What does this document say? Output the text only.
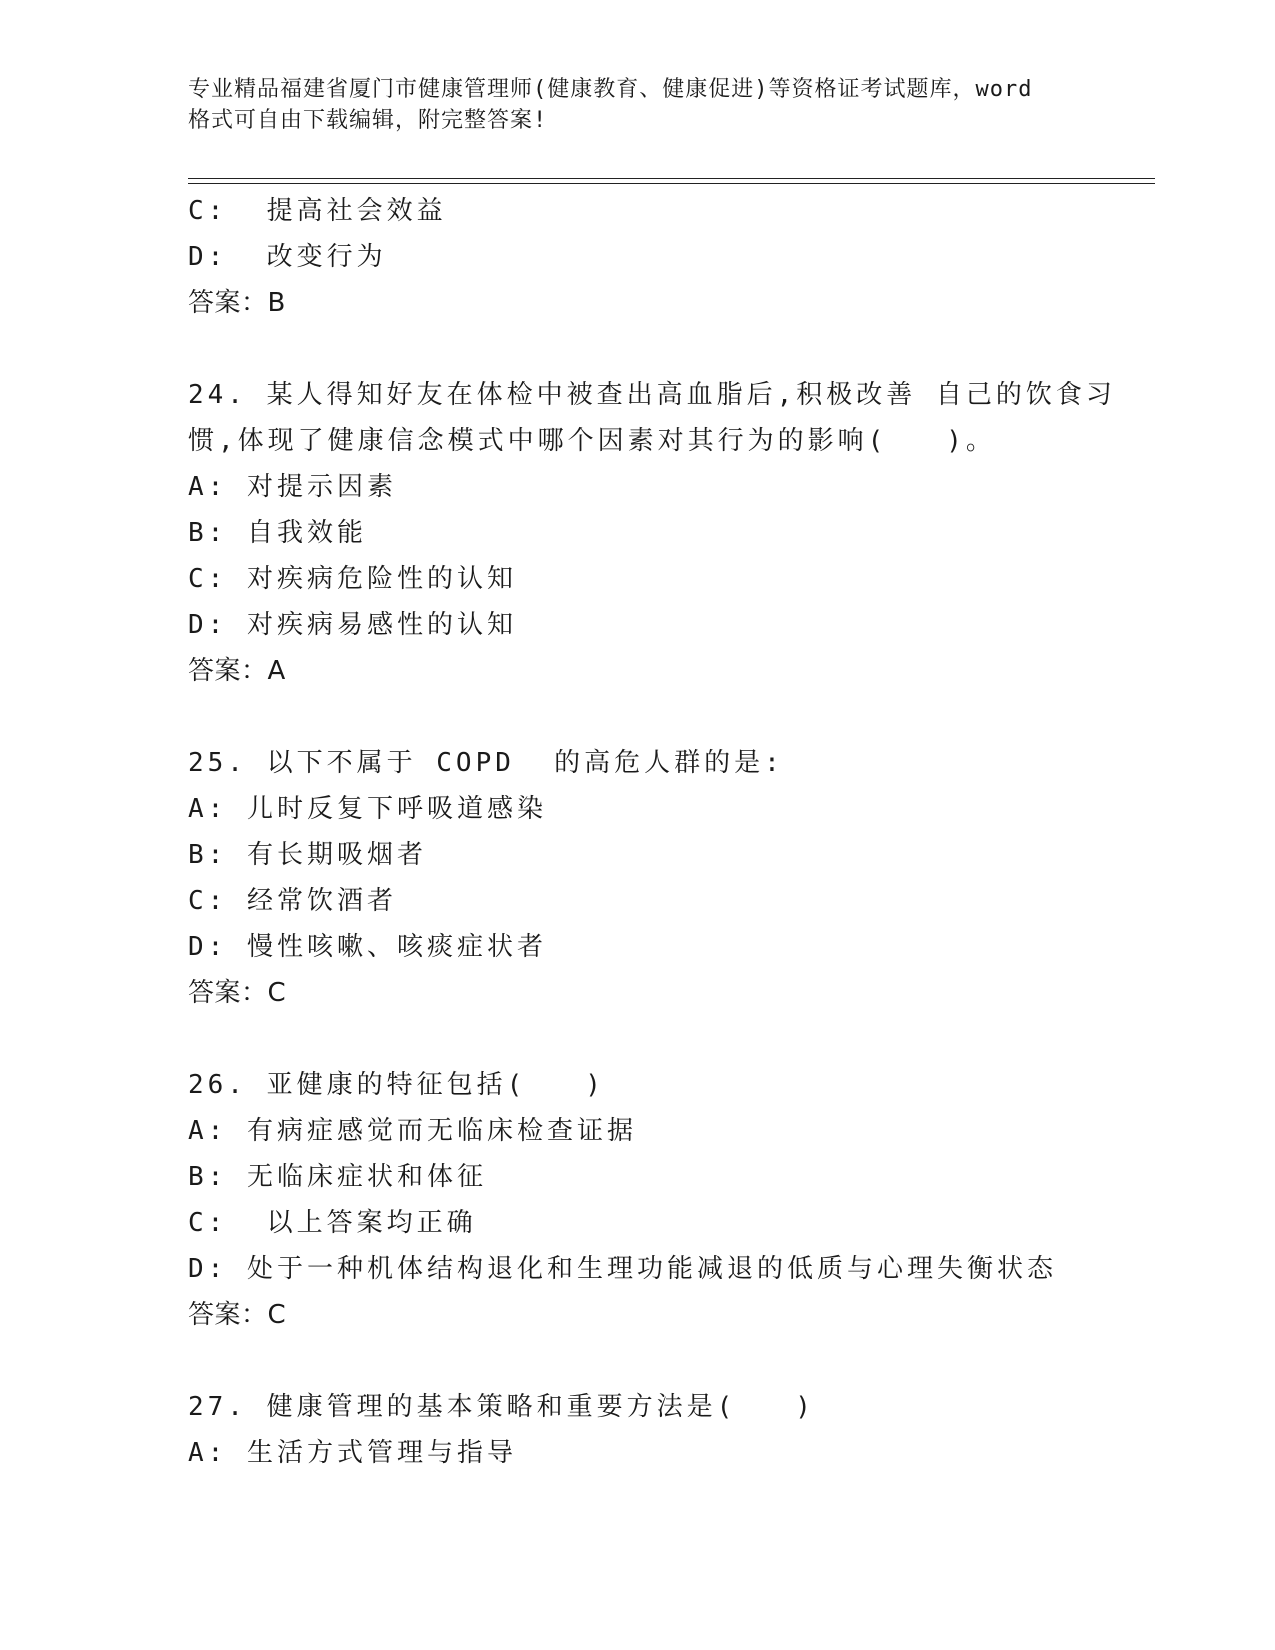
专业精品福建省厦门市健康管理师(健康教育、健康促进)等资格证考试题库，word
格式可自由下载编辑，附完整答案!
C:  提高社会效益
D:  改变行为
答案：B
24. 某人得知好友在体检中被查出高血脂后,积极改善 自己的饮食习
惯,体现了健康信念模式中哪个因素对其行为的影响(   )。
A: 对提示因素
B: 自我效能
C: 对疾病危险性的认知
D: 对疾病易感性的认知
答案：A
25. 以下不属于 COPD  的高危人群的是:
A: 儿时反复下呼吸道感染
B: 有长期吸烟者
C: 经常饮酒者
D: 慢性咳嗽、咳痰症状者
答案：C
26. 亚健康的特征包括(   )
A: 有病症感觉而无临床检查证据
B: 无临床症状和体征
C:  以上答案均正确
D: 处于一种机体结构退化和生理功能减退的低质与心理失衡状态
答案：C
27. 健康管理的基本策略和重要方法是(   )
A: 生活方式管理与指导
